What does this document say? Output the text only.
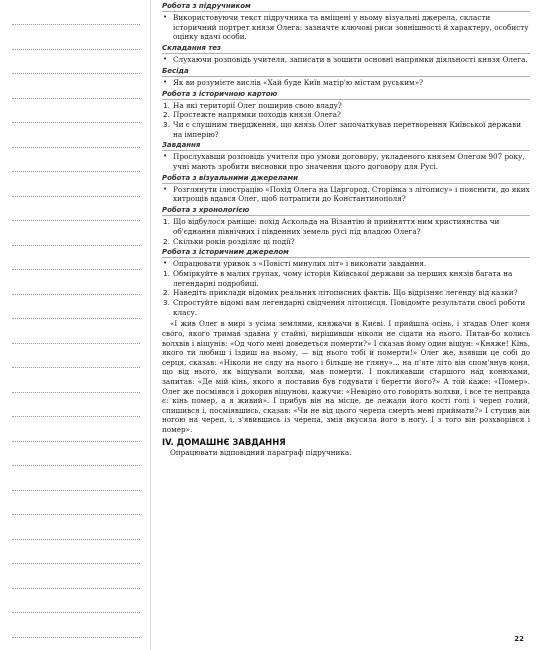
Робота з підручником
• Використовуючи текст підручника та вміщені у ньому візуальні джерела, скласти історичний портрет князя Олега: зазначте ключові риси зовнішності й характеру, особисту оцінку вдачі особи.
Складання тез
• Слухаючи розповідь учителя, записати в зошити основні напрямки діяльності князя Олега.
Бесіда
• Як ви розумієте вислів «Хай буде Київ матір'ю містам руським»?
Робота з історичною картою
1. На які території Олег поширив свою владу?
2. Простежте напрямки походів князя Олега?
3. Чи є слушним твердження, що князь Олег започаткував перетворення Київської держави на імперію?
Завдання
• Прослухавши розповідь учителя про умови договору, укладеного князем Олегом 907 року, учні мають зробити висновки про значення цього договору для Русі.
Робота з візуальними джерелами
• Розглянути ілюстрацію «Похід Олега на Царгород. Сторінка з літопису» і пояснити, до яких хитрощів вдався Олег, щоб потрапити до Константинополя?
Робота з хронологією
1. Що відбулося раніше: похід Аскольда на Візантію й прийняття ним християнства чи об'єднання північних і південних земель русі під владою Олега?
2. Скільки років розділяє ці події?
Робота з історичним джерелом
• Опрацювати уривок з «Повісті минулих літ» і виконати завдання.
1. Обміркуйте в малих групах, чому історія Київської держави за перших князів багата на легендарні подробиці.
2. Наведіть приклади відомих реальних літописних фактів. Що відрізняє легенду від казки?
3. Спростуйте відомі вам легендарні свідчення літописця. Повідомте результати своєї роботи класу.

«І жив Олег в мирі з усіма землями, княжачи в Києві. І прийшла осінь, і згадав Олег коня свого, якого тримав здавна у стайні, вирішивши ніколи не сідати на нього. Питав-бо колись волхвів і віщунів: «Од чого мені доведеться померти?» І сказав йому один віщун: «Княже! Кінь, якого ти любиш і їздиш на ньому, — від нього тобі й померти!» Олег же, взявши це собі до серця, сказав: «Ніколи не сяду на нього і більше не гляну»... на п'яте літо він спом'янув коня, що від нього, як віщували волхви, мав померти. І покликавши старшого над конюхами, запитав: «Де мій кінь, якого я поставив був годувати і берегти його?» А той каже: «Помер». Олег же посміявся і докорив віщунові, кажучи: «Невірно ото говорять волхви, і все те неправда є: кінь помер, а я живий». І прибув він на місце, де лежали його кості голі і череп голий, спишився і, посміявшись, сказав: «Чи не від цього черепа смерть мені приймати?» І ступив він ногою на череп, і, з'явившись із черепа, змія вкусила його в ногу. І з того він розхворівся і помер».

IV. ДОМАШНЄ ЗАВДАННЯ

Опрацювати відповідний параграф підручника.

22
